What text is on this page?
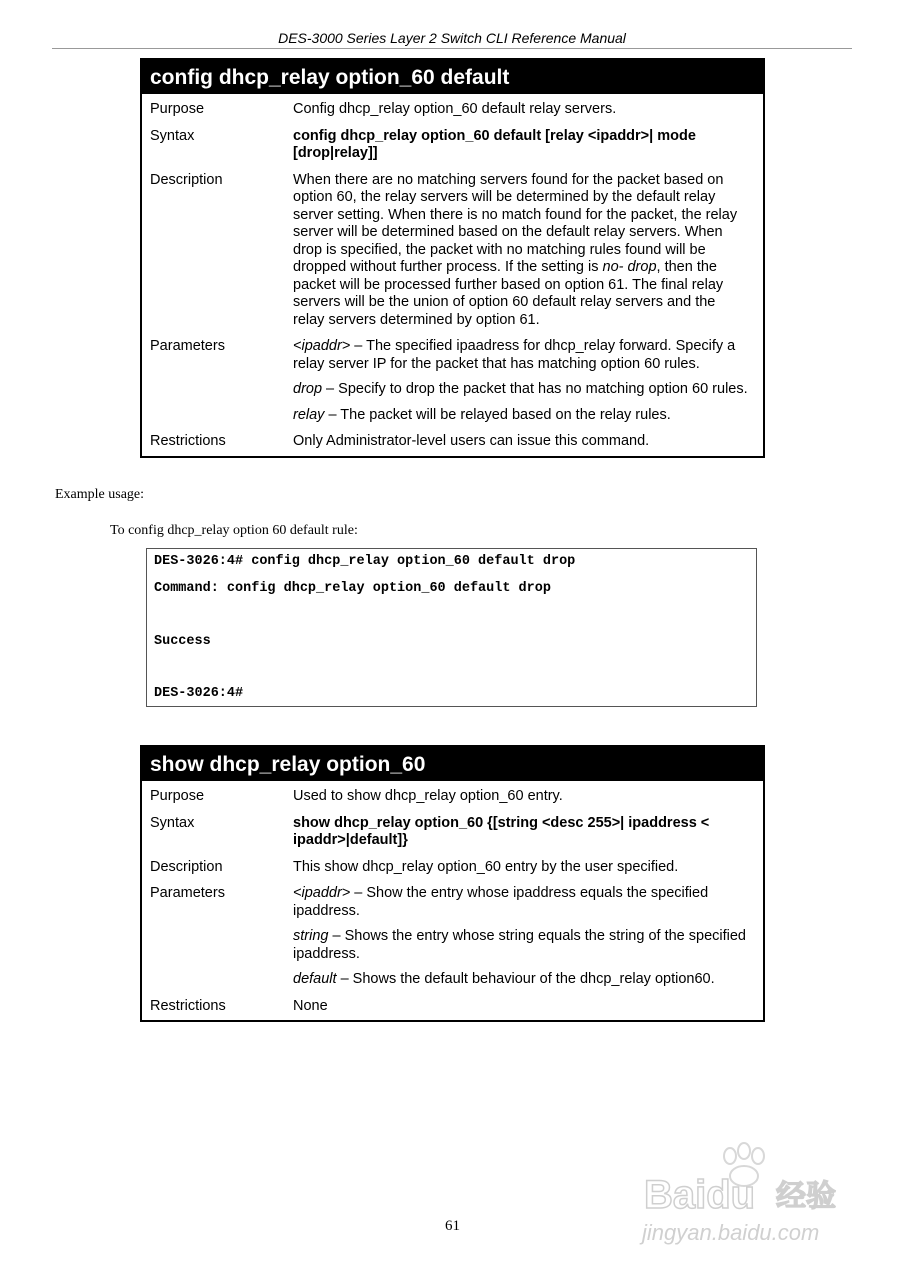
DES-3000 Series Layer 2 Switch CLI Reference Manual
config dhcp_relay option_60 default
Purpose	Config dhcp_relay option_60 default relay servers.
Syntax	config dhcp_relay option_60 default [relay <ipaddr>| mode [drop|relay]]
Description	When there are no matching servers found for the packet based on option 60, the relay servers will be determined by the default relay server setting. When there is no match found for the packet, the relay server will be determined based on the default relay servers. When drop is specified, the packet with no matching rules found will be dropped without further process. If the setting is no- drop, then the packet will be processed further based on option 61. The final relay servers will be the union of option 60 default relay servers and the relay servers determined by option 61.
Parameters	<ipaddr> – The specified ipaadress for dhcp_relay forward. Specify a relay server IP for the packet that has matching option 60 rules.

drop – Specify to drop the packet that has no matching option 60 rules.

relay – The packet will be relayed based on the relay rules.

Restrictions	Only Administrator-level users can issue this command.
Example usage:
To config dhcp_relay option 60 default rule:
DES-3026:4# config dhcp_relay option_60 default drop
Command: config dhcp_relay option_60 default drop
Success
DES-3026:4#
show dhcp_relay option_60
Purpose	Used to show dhcp_relay option_60 entry.
Syntax	show dhcp_relay option_60 {[string <desc 255>| ipaddress < ipaddr>|default]}
Description	This show dhcp_relay option_60 entry by the user specified.
Parameters	<ipaddr> – Show the entry whose ipaddress equals the specified ipaddress.

string – Shows the entry whose string equals the string of the specified ipaddress.

default – Shows the default behaviour of the dhcp_relay option60.

Restrictions	None
Baidu 经验
jingyan.baidu.com
61
